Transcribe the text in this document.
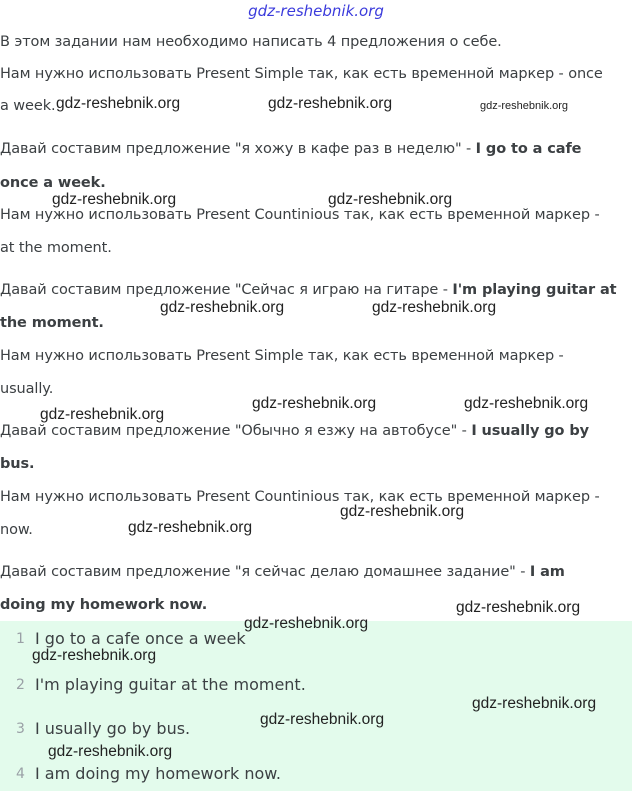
gdz-reshebnik.org
В этом задании нам необходимо написать 4 предложения о себе.
Нам нужно использовать Present Simple так, как есть временной маркер - once
a week.
Давай составим предложение "я хожу в кафе раз в неделю" - I go to a cafe
once a week.
Нам нужно использовать Present Countinious так, как есть временной маркер -
at the moment.
Давай составим предложение "Сейчас я играю на гитаре - I'm playing guitar at
the moment.
Нам нужно использовать Present Simple так, как есть временной маркер -
usually.
Давай составим предложение "Обычно я езжу на автобусе" - I usually go by
bus.
Нам нужно использовать Present Countinious так, как есть временной маркер -
now.
Давай составим предложение "я сейчас делаю домашнее задание" - I am
doing my homework now.
1 I go to a cafe once a week
2 I'm playing guitar at the moment.
3 I usually go by bus.
4 I am doing my homework now.
gdz-reshebnik.org	gdz-reshebnik.org	gdz-reshebnik.org
gdz-reshebnik.org	gdz-reshebnik.org
gdz-reshebnik.org	gdz-reshebnik.org
gdz-reshebnik.org	gdz-reshebnik.org
gdz-reshebnik.org
gdz-reshebnik.org
gdz-reshebnik.org
gdz-reshebnik.org
gdz-reshebnik.org
gdz-reshebnik.org
gdz-reshebnik.org
gdz-reshebnik.org
gdz-reshebnik.org
